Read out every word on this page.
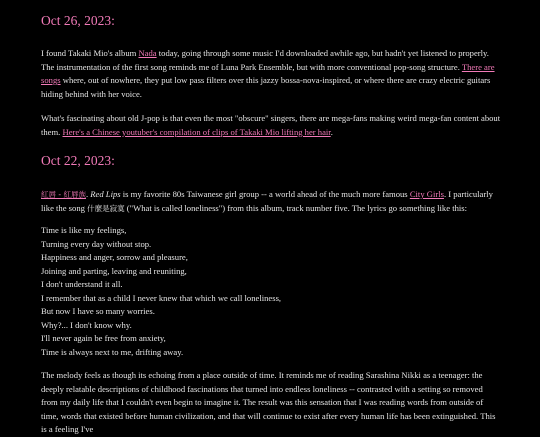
Oct 26, 2023:

I found Takaki Mio's album Nada today, going through some music I'd downloaded awhile ago, but hadn't yet listened to properly. The instrumentation of the first song reminds me of Luna Park Ensemble, but with more conventional pop-song structure. There are songs where, out of nowhere, they put low pass filters over this jazzy bossa-nova-inspired, or where there are crazy electric guitars hiding behind with her voice.

What's fascinating about old J-pop is that even the most "obscure" singers, there are mega-fans making weird mega-fan content about them. Here's a Chinese youtuber's compilation of clips of Takaki Mio lifting her hair.

Oct 22, 2023:

紅唇 - 紅唇族. Red Lips is my favorite 80s Taiwanese girl group -- a world ahead of the much more famous City Girls. I particularly like the song 什麼是寂寞 ("What is called loneliness") from this album, track number five. The lyrics go something like this:

Time is like my feelings,
Turning every day without stop.
Happiness and anger, sorrow and pleasure,
Joining and parting, leaving and reuniting,
I don't understand it all.
I remember that as a child I never knew that which we call loneliness,
But now I have so many worries.
Why?... I don't know why.
I'll never again be free from anxiety,
Time is always next to me, drifting away.

The melody feels as though its echoing from a place outside of time. It reminds me of reading Sarashina Nikki as a teenager: the deeply relatable descriptions of childhood fascinations that turned into endless loneliness -- contrasted with a setting so removed from my daily life that I couldn't even begin to imagine it. The result was this sensation that I was reading words from outside of time, words that existed before human civilization, and that will continue to exist after every human life has been extinguished. This is a feeling I've
